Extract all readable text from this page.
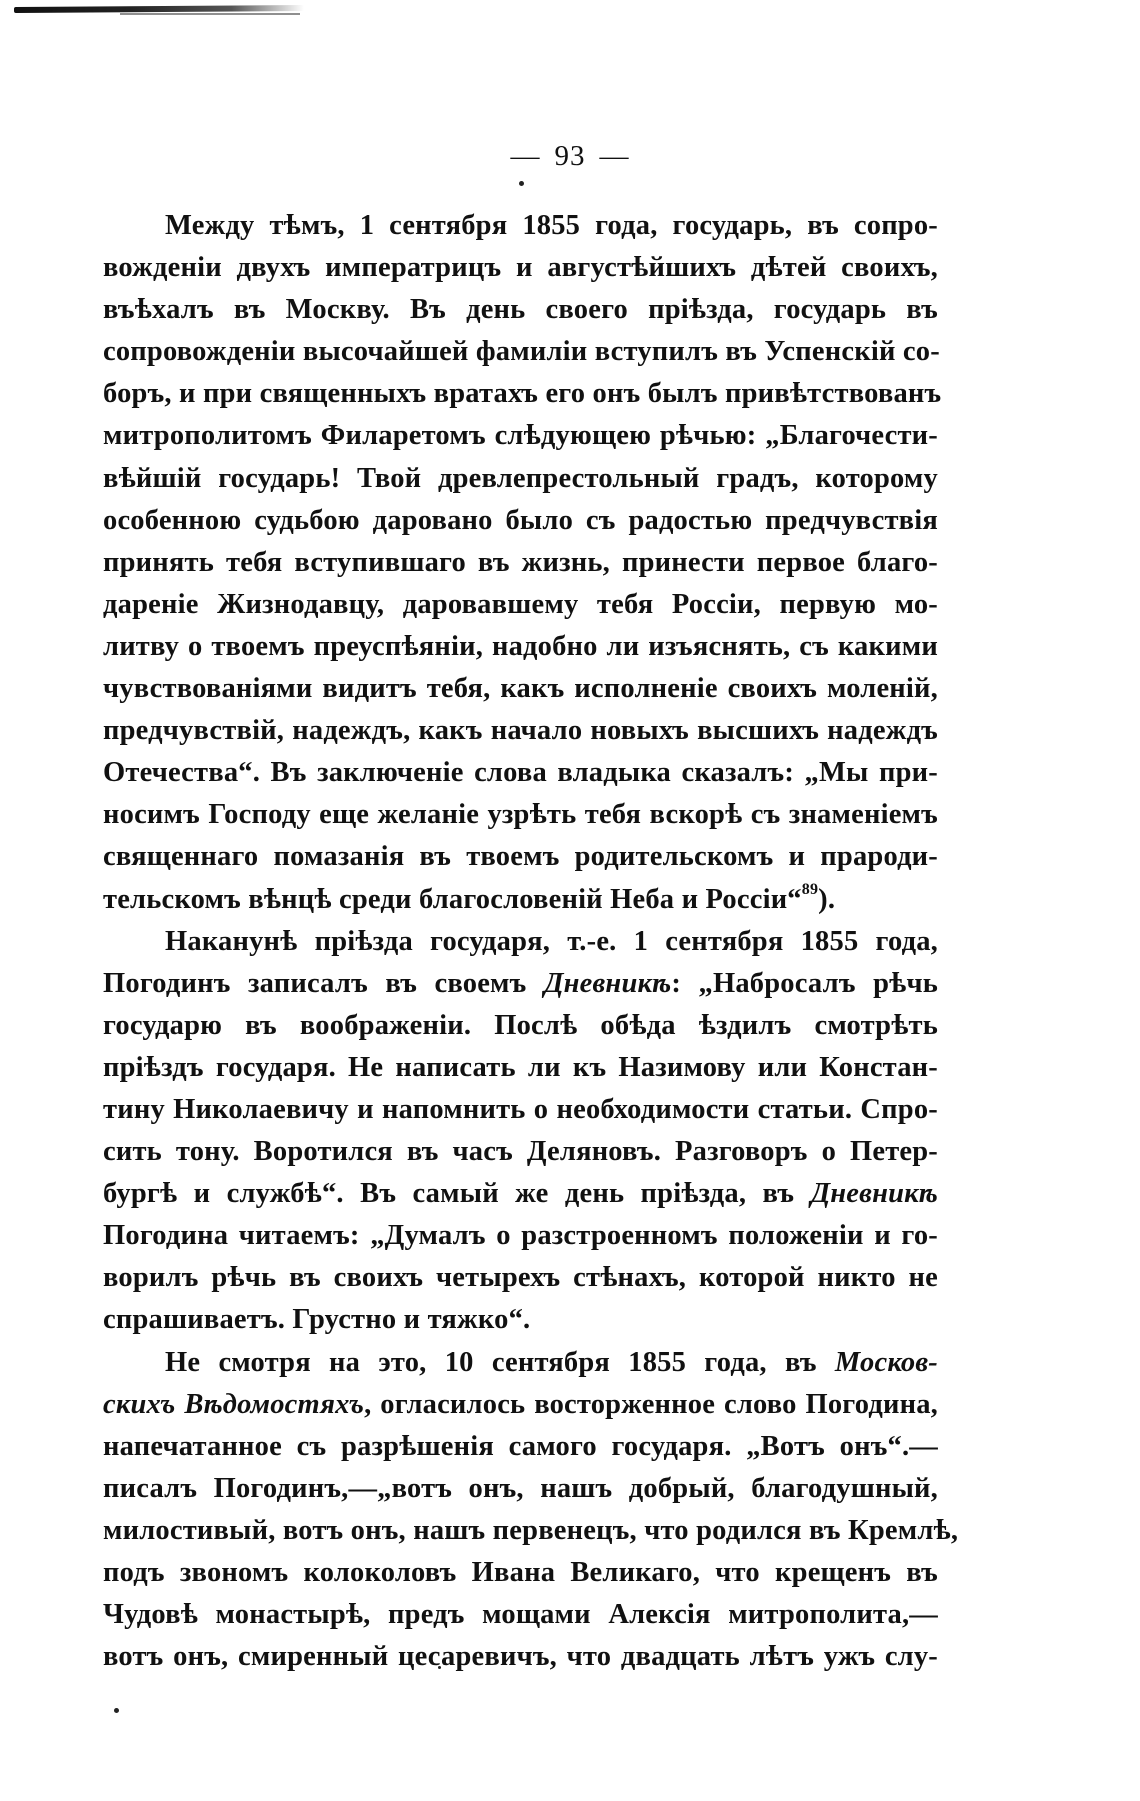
— 93 —
Между тѣмъ, 1 сентября 1855 года, государь, въ сопро-
вожденіи двухъ императрицъ и августѣйшихъ дѣтей своихъ,
въѣхалъ въ Москву. Въ день своего пріѣзда, государь въ
сопровожденіи высочайшей фамиліи вступилъ въ Успенскій со-
боръ, и при священныхъ вратахъ его онъ былъ привѣтствованъ
митрополитомъ Филаретомъ слѣдующею рѣчью: „Благочести-
вѣйшій государь! Твой древлепрестольный градъ, которому
особенною судьбою даровано было съ радостью предчувствія
принять тебя вступившаго въ жизнь, принести первое благо-
дареніе Жизнодавцу, даровавшему тебя Россіи, первую мо-
литву о твоемъ преуспѣяніи, надобно ли изъяснять, съ какими
чувствованіями видитъ тебя, какъ исполненіе своихъ моленій,
предчувствій, надеждъ, какъ начало новыхъ высшихъ надеждъ
Отечества“. Въ заключеніе слова владыка сказалъ: „Мы при-
носимъ Господу еще желаніе узрѣть тебя вскорѣ съ знаменіемъ
священнаго помазанія въ твоемъ родительскомъ и прароди-
тельскомъ вѣнцѣ среди благословеній Неба и Россіи“$^{89}$).
Наканунѣ пріѣзда государя, т.-е. 1 сентября 1855 года,
Погодинъ записалъ въ своемъ Дневникѣ: „Набросалъ рѣчь
государю въ воображеніи. Послѣ обѣда ѣздилъ смотрѣть
пріѣздъ государя. Не написать ли къ Назимову или Констан-
тину Николаевичу и напомнить о необходимости статьи. Спро-
сить тону. Воротился въ часъ Деляновъ. Разговоръ о Петер-
бургѣ и службѣ“. Въ самый же день пріѣзда, въ Дневникѣ
Погодина читаемъ: „Думалъ о разстроенномъ положеніи и го-
ворилъ рѣчь въ своихъ четырехъ стѣнахъ, которой никто не
спрашиваетъ. Грустно и тяжко“.
Не смотря на это, 10 сентября 1855 года, въ Москов-
скихъ Вѣдомостяхъ, огласилось восторженное слово Погодина,
напечатанное съ разрѣшенія самого государя. „Вотъ онъ“.—
писалъ Погодинъ,—„вотъ онъ, нашъ добрый, благодушный,
милостивый, вотъ онъ, нашъ первенецъ, что родился въ Кремлѣ,
подъ звономъ колоколовъ Ивана Великаго, что крещенъ въ
Чудовѣ монастырѣ, предъ мощами Алексія митрополита,—
вотъ онъ, смиренный цесаревичъ, что двадцать лѣтъ ужъ слу-
